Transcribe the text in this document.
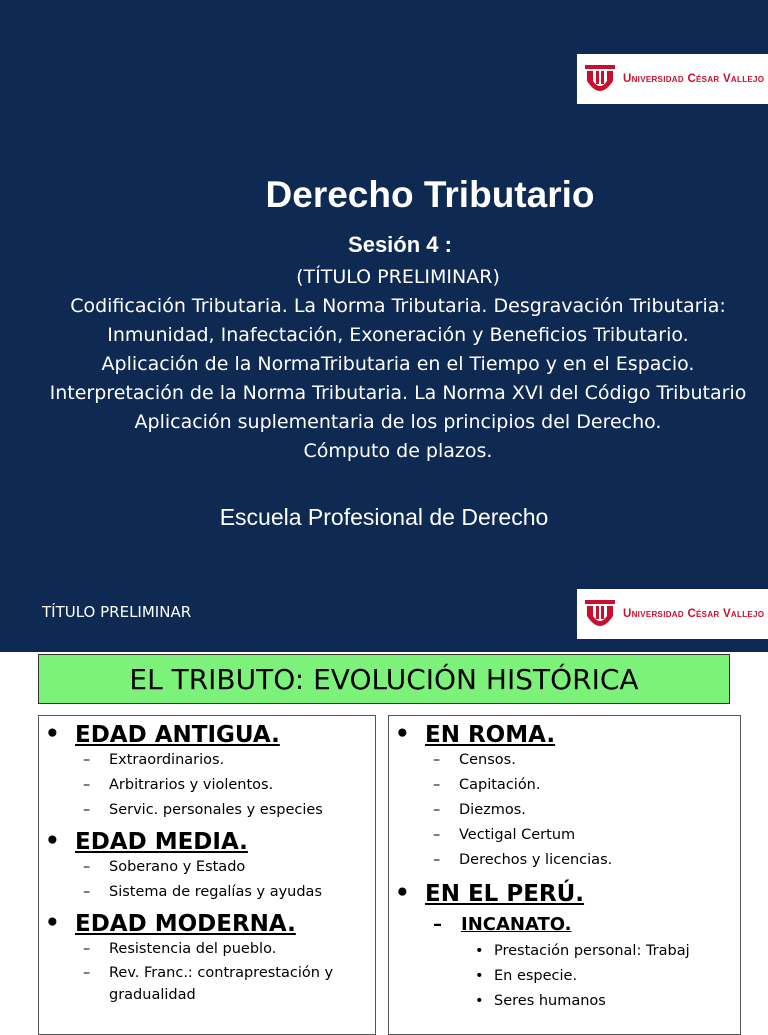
Universidad César Vallejo
Derecho Tributario
Sesión 4 :
(TÍTULO PRELIMINAR)
Codificación Tributaria. La Norma Tributaria. Desgravación Tributaria:
Inmunidad, Inafectación, Exoneración y Beneficios Tributario.
Aplicación de la NormaTributaria en el Tiempo y en el Espacio.
Interpretación de la Norma Tributaria. La Norma XVI del Código Tributario
Aplicación suplementaria de los principios del Derecho.
Cómputo de plazos.
Escuela Profesional de Derecho
TÍTULO PRELIMINAR	Universidad César Vallejo
EL TRIBUTO: EVOLUCIÓN HISTÓRICA
• EDAD ANTIGUA.
– Extraordinarios.
– Arbitrarios y violentos.
– Servic. personales y especies
• EDAD MEDIA.
– Soberano y Estado
– Sistema de regalías y ayudas
• EDAD MODERNA.
– Resistencia del pueblo.
– Rev. Franc.: contraprestación y gradualidad
• EN ROMA.
– Censos.
– Capitación.
– Diezmos.
– Vectigal Certum
– Derechos y licencias.
• EN EL PERÚ.
– INCANATO.
• Prestación personal: Trabaj
• En especie.
• Seres humanos
